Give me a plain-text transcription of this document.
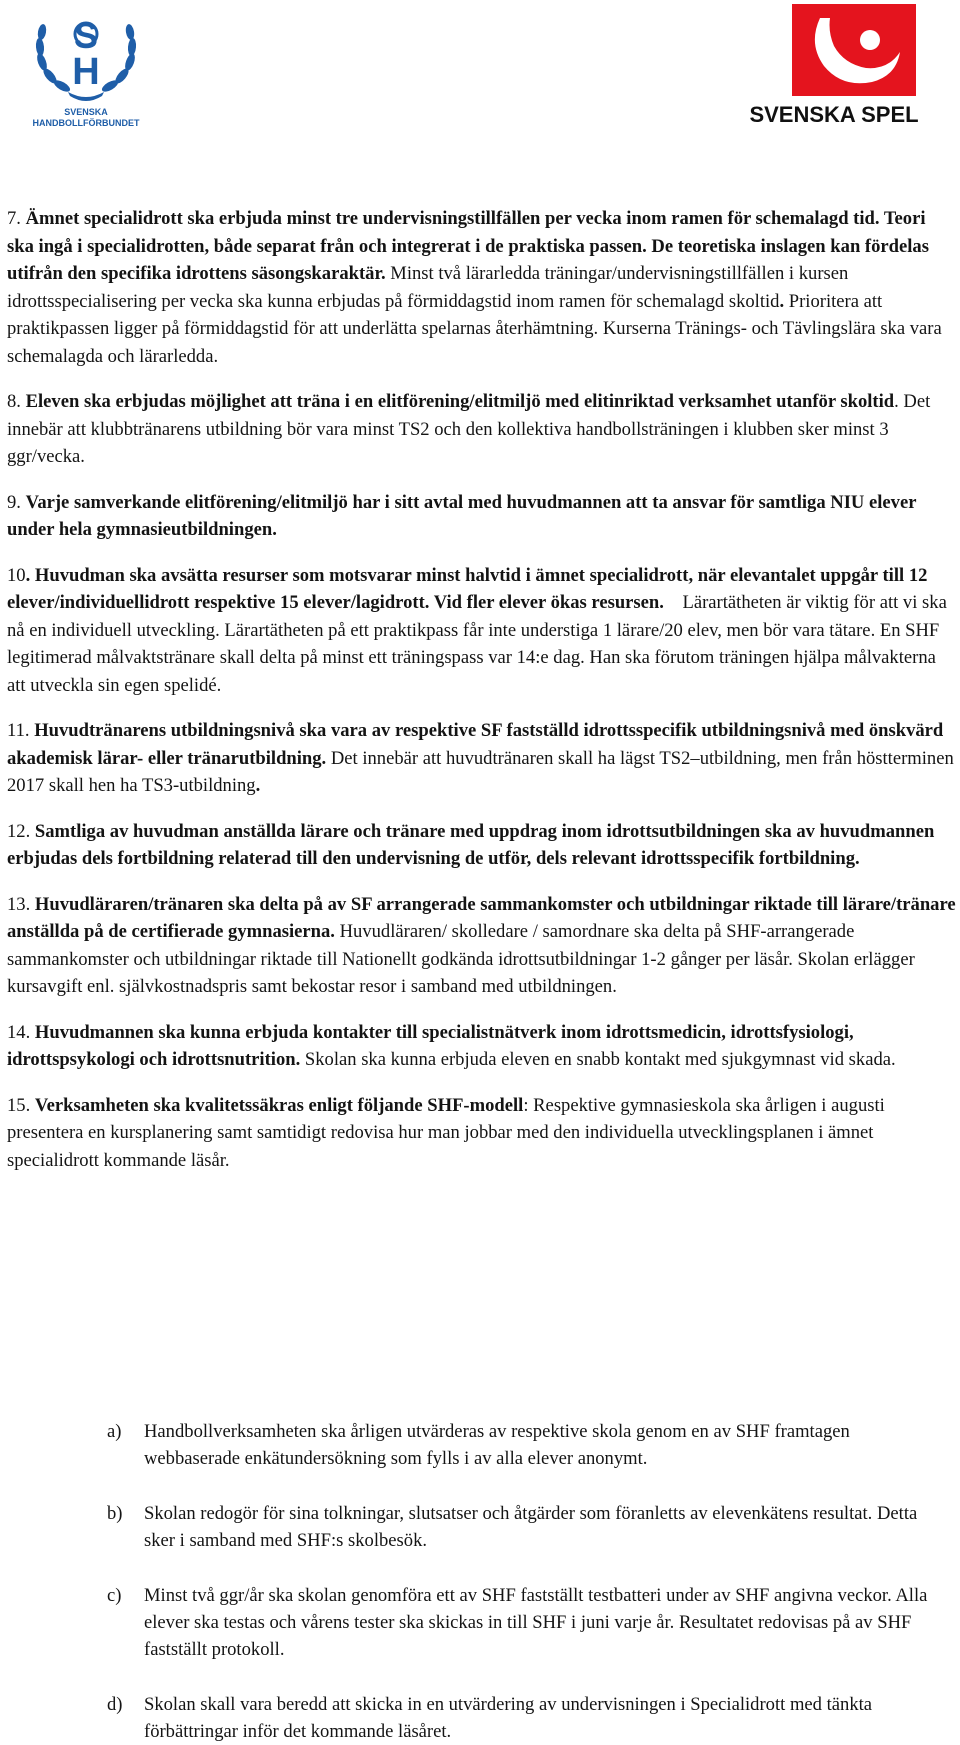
S
H
SVENSKA
HANDBOLLFÖRBUNDET	SVENSKA SPEL

7. Ämnet specialidrott ska erbjuda minst tre undervisningstillfällen per vecka inom ramen för schemalagd tid. Teori ska ingå i specialidrotten, både separat från och integrerat i de praktiska passen. De teoretiska inslagen kan fördelas utifrån den specifika idrottens säsongskaraktär. Minst två lärarledda träningar/undervisningstillfällen i kursen idrottsspecialisering per vecka ska kunna erbjudas på förmiddagstid inom ramen för schemalagd skoltid. Prioritera att praktikpassen ligger på förmiddagstid för att underlätta spelarnas återhämtning. Kurserna Tränings- och Tävlingslära ska vara schemalagda och lärarledda.

8. Eleven ska erbjudas möjlighet att träna i en elitförening/elitmiljö med elitinriktad verksamhet utanför skoltid. Det innebär att klubbtränarens utbildning bör vara minst TS2 och den kollektiva handbollsträningen i klubben sker minst 3 ggr/vecka.

9. Varje samverkande elitförening/elitmiljö har i sitt avtal med huvudmannen att ta ansvar för samtliga NIU elever under hela gymnasieutbildningen.

10. Huvudman ska avsätta resurser som motsvarar minst halvtid i ämnet specialidrott, när elevantalet uppgår till 12 elever/individuellidrott respektive 15 elever/lagidrott. Vid fler elever ökas resursen.    Lärartätheten är viktig för att vi ska nå en individuell utveckling. Lärartätheten på ett praktikpass får inte understiga 1 lärare/20 elev, men bör vara tätare. En SHF legitimerad målvaktstränare skall delta på minst ett träningspass var 14:e dag. Han ska förutom träningen hjälpa målvakterna att utveckla sin egen spelidé.

11. Huvudtränarens utbildningsnivå ska vara av respektive SF fastställd idrottsspecifik utbildningsnivå med önskvärd akademisk lärar- eller tränarutbildning. Det innebär att huvudtränaren skall ha lägst TS2–utbildning, men från höstterminen 2017 skall hen ha TS3-utbildning.

12. Samtliga av huvudman anställda lärare och tränare med uppdrag inom idrottsutbildningen ska av huvudmannen erbjudas dels fortbildning relaterad till den undervisning de utför, dels relevant idrottsspecifik fortbildning.

13. Huvudläraren/tränaren ska delta på av SF arrangerade sammankomster och utbildningar riktade till lärare/tränare anställda på de certifierade gymnasierna. Huvudläraren/ skolledare / samordnare ska delta på SHF-arrangerade sammankomster och utbildningar riktade till Nationellt godkända idrottsutbildningar 1-2 gånger per läsår. Skolan erlägger kursavgift enl. självkostnadspris samt bekostar resor i samband med utbildningen.

14. Huvudmannen ska kunna erbjuda kontakter till specialistnätverk inom idrottsmedicin, idrottsfysiologi, idrottspsykologi och idrottsnutrition. Skolan ska kunna erbjuda eleven en snabb kontakt med sjukgymnast vid skada.

15. Verksamheten ska kvalitetssäkras enligt följande SHF-modell: Respektive gymnasieskola ska årligen i augusti presentera en kursplanering samt samtidigt redovisa hur man jobbar med den individuella utvecklingsplanen i ämnet specialidrott kommande läsår.

a) Handbollverksamheten ska årligen utvärderas av respektive skola genom en av SHF framtagen webbaserade enkätundersökning som fylls i av alla elever anonymt.
b) Skolan redogör för sina tolkningar, slutsatser och åtgärder som föranletts av elevenkätens resultat. Detta sker i samband med SHF:s skolbesök.
c) Minst två ggr/år ska skolan genomföra ett av SHF fastställt testbatteri under av SHF angivna veckor. Alla elever ska testas och vårens tester ska skickas in till SHF i juni varje år. Resultatet redovisas på av SHF fastställt protokoll.
d) Skolan skall vara beredd att skicka in en utvärdering av undervisningen i Specialidrott med tänkta förbättringar inför det kommande läsåret.
